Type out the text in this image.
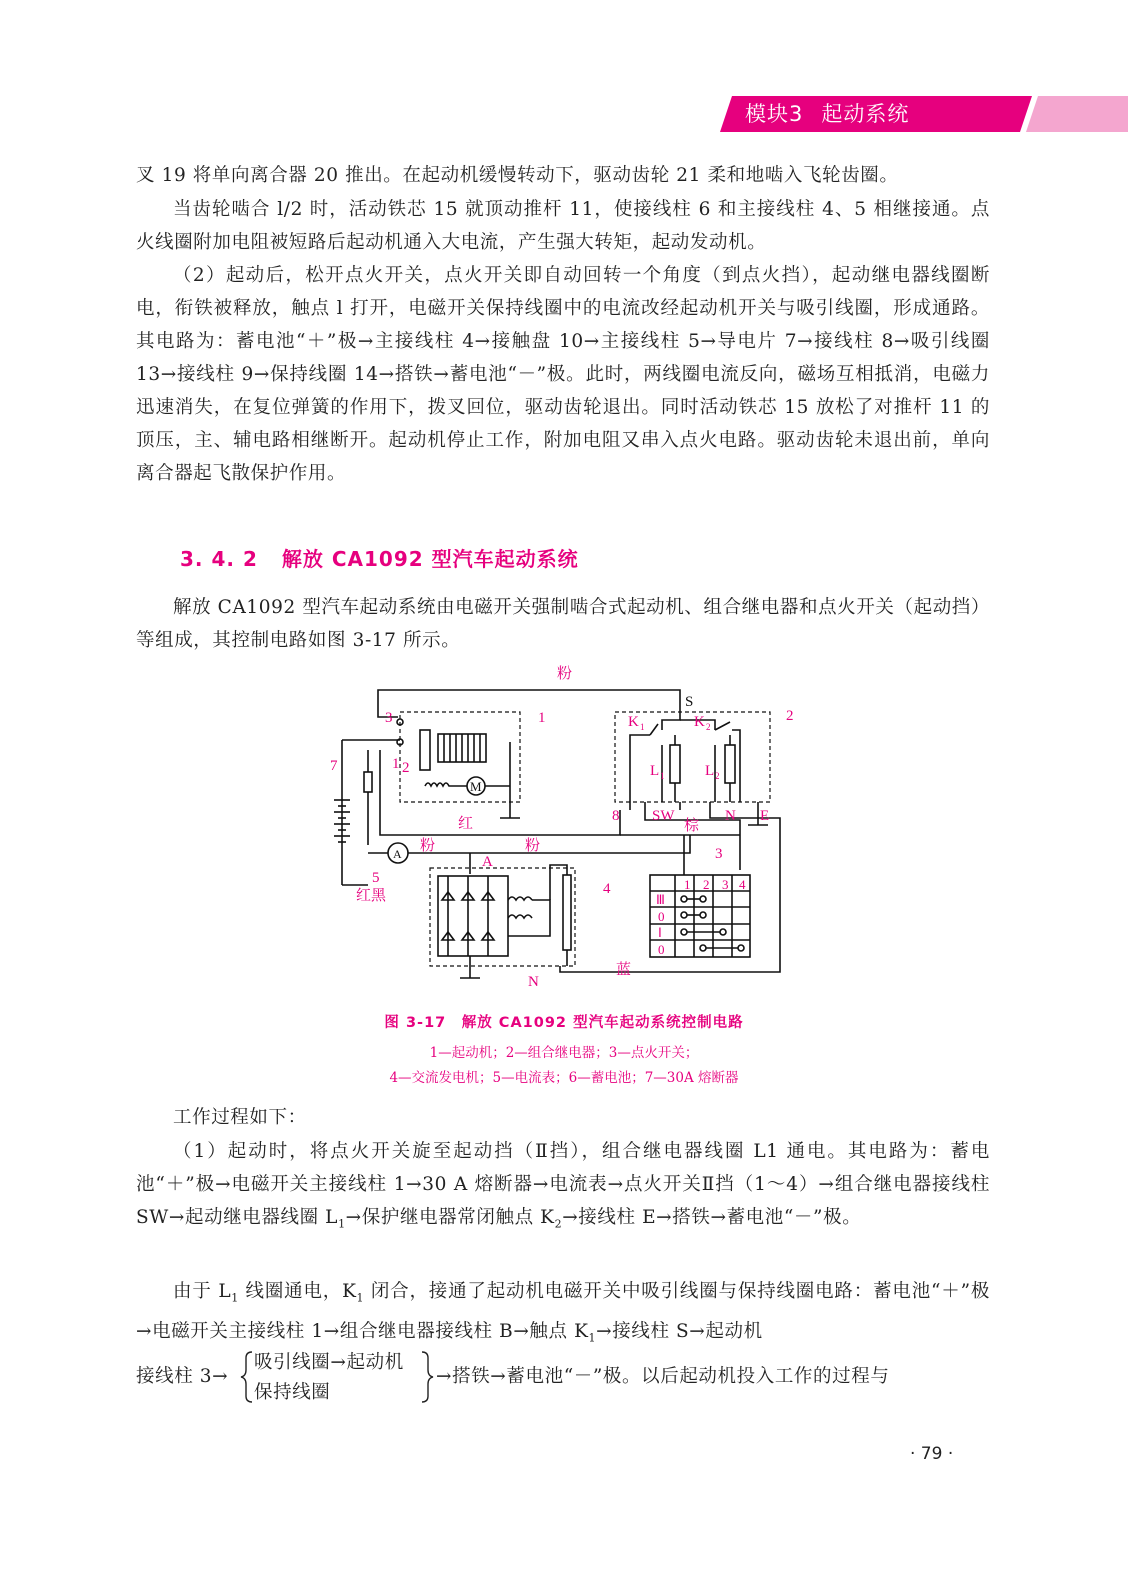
模块3 起动系统

叉 19 将单向离合器 20 推出。在起动机缓慢转动下，驱动齿轮 21 柔和地啮入飞轮齿圈。

当齿轮啮合 l/2 时，活动铁芯 15 就顶动推杆 11，使接线柱 6 和主接线柱 4、5 相继接通。点火线圈附加电阻被短路后起动机通入大电流，产生强大转矩，起动发动机。

（2）起动后，松开点火开关，点火开关即自动回转一个角度（到点火挡），起动继电器线圈断电，衔铁被释放，触点 l 打开，电磁开关保持线圈中的电流改经起动机开关与吸引线圈，形成通路。其电路为：蓄电池“＋”极→主接线柱 4→接触盘 10→主接线柱 5→导电片 7→接线柱 8→吸引线圈 13→接线柱 9→保持线圈 14→搭铁→蓄电池“－”极。此时，两线圈电流反向，磁场互相抵消，电磁力迅速消失，在复位弹簧的作用下，拨叉回位，驱动齿轮退出。同时活动铁芯 15 放松了对推杆 11 的顶压，主、辅电路相继断开。起动机停止工作，附加电阻又串入点火电路。驱动齿轮未退出前，单向离合器起飞散保护作用。

3. 4. 2 解放 CA1092 型汽车起动系统

解放 CA1092 型汽车起动系统由电磁开关强制啮合式起动机、组合继电器和点火开关（起动挡）等组成，其控制电路如图 3-17 所示。

粉
S
1	2
3	K 1	K 2
L 1	L 2
7	1 2
M
红	8 SW
棕
N E
A 粉	粉
A
5
红黑
3
4	1 2 3 4
Ⅲ
0
Ⅰ
0
蓝
N
图 3-17　解放 CA1092 型汽车起动系统控制电路
1—起动机；2—组合继电器；3—点火开关；
4—交流发电机；5—电流表；6—蓄电池；7—30A 熔断器

工作过程如下：

（1）起动时，将点火开关旋至起动挡（Ⅱ挡），组合继电器线圈 L1 通电。其电路为：蓄电池“＋”极→电磁开关主接线柱 1→30 A 熔断器→电流表→点火开关Ⅱ挡（1～4）→组合继电器接线柱 SW→起动继电器线圈 $L_1\to$保护继电器常闭触点 $K_2\to$接线柱 E→搭铁→蓄电池“－”极。

由于 $L_1$ 线圈通电，$K_1$ 闭合，接通了起动机电磁开关中吸引线圈与保持线圈电路：蓄电池“＋”极→电磁开关主接线柱 1→组合继电器接线柱 B→触点 $K_1\to$接线柱 S→起动机

接线柱 3→
吸引线圈→起动机
保持线圈
→搭铁→蓄电池“－”极。以后起动机投入工作的过程与
· 79 ·
